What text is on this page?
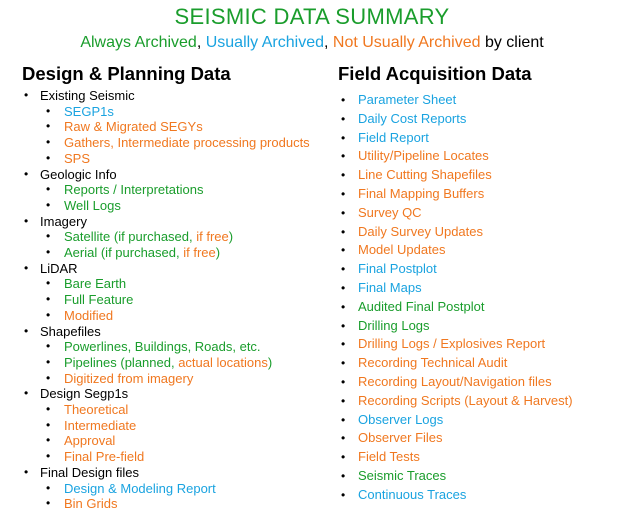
SEISMIC DATA SUMMARY
Always Archived, Usually Archived, Not Usually Archived by client
Design & Planning Data	Field Acquisition Data
• Existing Seismic
• SEGP1s
• Raw & Migrated SEGYs
• Gathers, Intermediate processing products
• SPS
• Geologic Info
• Reports / Interpretations
• Well Logs
• Imagery
• Satellite (if purchased, if free)
• Aerial (if purchased, if free)
• LiDAR
• Bare Earth
• Full Feature
• Modified
• Shapefiles
• Powerlines, Buildings, Roads, etc.
• Pipelines (planned, actual locations)
• Digitized from imagery
• Design Segp1s
• Theoretical
• Intermediate
• Approval
• Final Pre-field
• Final Design files
• Design & Modeling Report
• Bin Grids
• Parameter Sheet
• Daily Cost Reports
• Field Report
• Utility/Pipeline Locates
• Line Cutting Shapefiles
• Final Mapping Buffers
• Survey QC
• Daily Survey Updates
• Model Updates
• Final Postplot
• Final Maps
• Audited Final Postplot
• Drilling Logs
• Drilling Logs / Explosives Report
• Recording Technical Audit
• Recording Layout/Navigation files
• Recording Scripts (Layout & Harvest)
• Observer Logs
• Observer Files
• Field Tests
• Seismic Traces
• Continuous Traces
